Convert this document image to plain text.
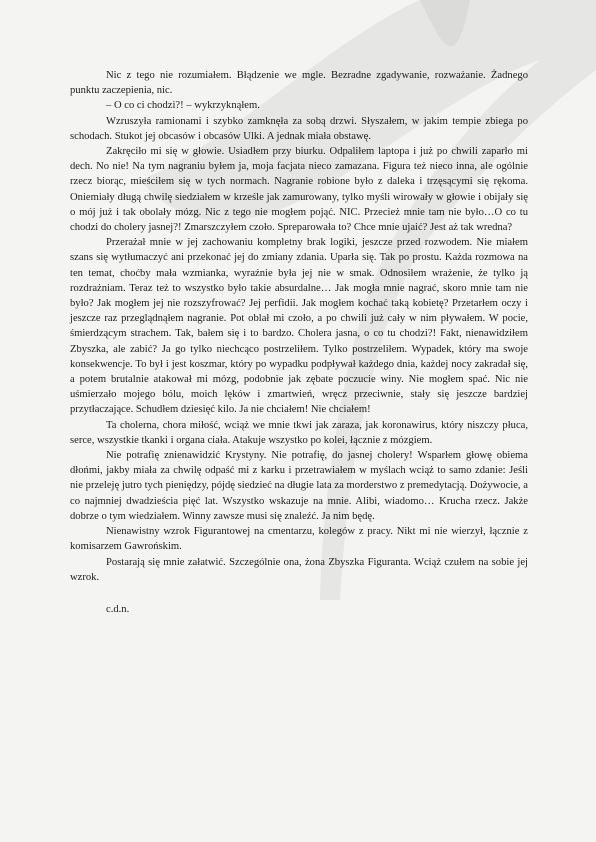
Nic z tego nie rozumiałem. Błądzenie we mgle. Bezradne zgadywanie, rozważanie. Żadnego punktu zaczepienia, nic.

– O co ci chodzi?! – wykrzyknąłem.

Wzruszyła ramionami i szybko zamknęła za sobą drzwi. Słyszałem, w jakim tempie zbiega po schodach. Stukot jej obcasów i obcasów Ulki. A jednak miała obstawę.

Zakręciło mi się w głowie. Usiadłem przy biurku. Odpaliłem laptopa i już po chwili zaparło mi dech. No nie! Na tym nagraniu byłem ja, moja facjata nieco zamazana. Figura też nieco inna, ale ogólnie rzecz biorąc, mieściłem się w tych normach. Nagranie robione było z daleka i trzęsącymi się rękoma. Oniemiały długą chwilę siedziałem w krześle jak zamurowany, tylko myśli wirowały w głowie i obijały się o mój już i tak obolały mózg. Nic z tego nie mogłem pojąć. NIC. Przecież mnie tam nie było…O co tu chodzi do cholery jasnej?! Zmarszczyłem czoło. Spreparowała to? Chce mnie ujaić? Jest aż tak wredna?

Przerażał mnie w jej zachowaniu kompletny brak logiki, jeszcze przed rozwodem. Nie miałem szans się wytłumaczyć ani przekonać jej do zmiany zdania. Uparła się. Tak po prostu. Każda rozmowa na ten temat, choćby mała wzmianka, wyraźnie była jej nie w smak. Odnosiłem wrażenie, że tylko ją rozdrażniam. Teraz też to wszystko było takie absurdalne… Jak mogła mnie nagrać, skoro mnie tam nie było? Jak mogłem jej nie rozszyfrować? Jej perfidii. Jak mogłem kochać taką kobietę? Przetarłem oczy i jeszcze raz przeglądnąłem nagranie. Pot oblał mi czoło, a po chwili już cały w nim pływałem. W pocie, śmierdzącym strachem. Tak, bałem się i to bardzo. Cholera jasna, o co tu chodzi?! Fakt, nienawidziłem Zbyszka, ale zabić? Ja go tylko niechcąco postrzeliłem. Tylko postrzeliłem. Wypadek, który ma swoje konsekwencje. To był i jest koszmar, który po wypadku podpływał każdego dnia, każdej nocy zakradał się, a potem brutalnie atakował mi mózg, podobnie jak zębate poczucie winy. Nie mogłem spać. Nic nie uśmierzało mojego bólu, moich lęków i zmartwień, wręcz przeciwnie, stały się jeszcze bardziej przytłaczające. Schudłem dziesięć kilo. Ja nie chciałem! Nie chciałem!

Ta cholerna, chora miłość, wciąż we mnie tkwi jak zaraza, jak koronawirus, który niszczy płuca, serce, wszystkie tkanki i organa ciała. Atakuje wszystko po kolei, łącznie z mózgiem.

Nie potrafię znienawidzić Krystyny. Nie potrafię, do jasnej cholery! Wsparłem głowę obiema dłońmi, jakby miała za chwilę odpaść mi z karku i przetrawiałem w myślach wciąż to samo zdanie: Jeśli nie przeleję jutro tych pieniędzy, pójdę siedzieć na długie lata za morderstwo z premedytacją. Dożywocie, a co najmniej dwadzieścia pięć lat. Wszystko wskazuje na mnie. Alibi, wiadomo… Krucha rzecz. Jakże dobrze o tym wiedziałem. Winny zawsze musi się znaleźć. Ja nim będę.

Nienawistny wzrok Figurantowej na cmentarzu, kolegów z pracy. Nikt mi nie wierzył, łącznie z komisarzem Gawrońskim.

Postarają się mnie załatwić. Szczególnie ona, żona Zbyszka Figuranta. Wciąż czułem na sobie jej wzrok.

c.d.n.
